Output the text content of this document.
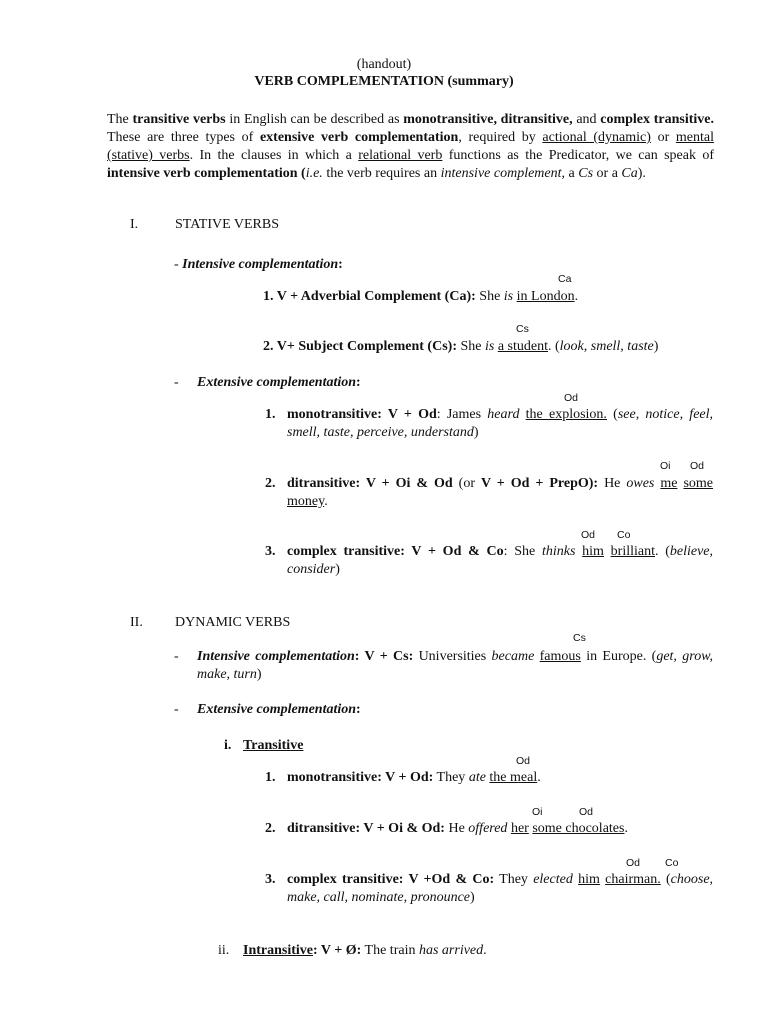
(handout)
VERB COMPLEMENTATION (summary)
The transitive verbs in English can be described as monotransitive, ditransitive, and complex transitive. These are three types of extensive verb complementation, required by actional (dynamic) or mental (stative) verbs. In the clauses in which a relational verb functions as the Predicator, we can speak of intensive verb complementation (i.e. the verb requires an intensive complement, a Cs or a Ca).
I.	STATIVE VERBS
- Intensive complementation:
Ca
1. V + Adverbial Complement (Ca): She is in London.
Cs
2. V+ Subject Complement (Cs): She is a student. (look, smell, taste)
- Extensive complementation:
Od
1. monotransitive: V + Od: James heard the explosion. (see, notice, feel, smell, taste, perceive, understand)
Oi Od
2. ditransitive: V + Oi & Od (or V + Od + PrepO): He owes me some money.
Od Co
3. complex transitive: V + Od & Co: She thinks him brilliant. (believe, consider)
II. DYNAMIC VERBS
Cs
- Intensive complementation: V + Cs: Universities became famous in Europe. (get, grow, make, turn)
- Extensive complementation:
i. Transitive
Od
1. monotransitive: V + Od: They ate the meal.
Oi	Od
2. ditransitive: V + Oi & Od: He offered her some chocolates.
Od Co
3. complex transitive: V +Od & Co: They elected him chairman. (choose, make, call, nominate, pronounce)
ii. Intransitive: V + Ø: The train has arrived.
